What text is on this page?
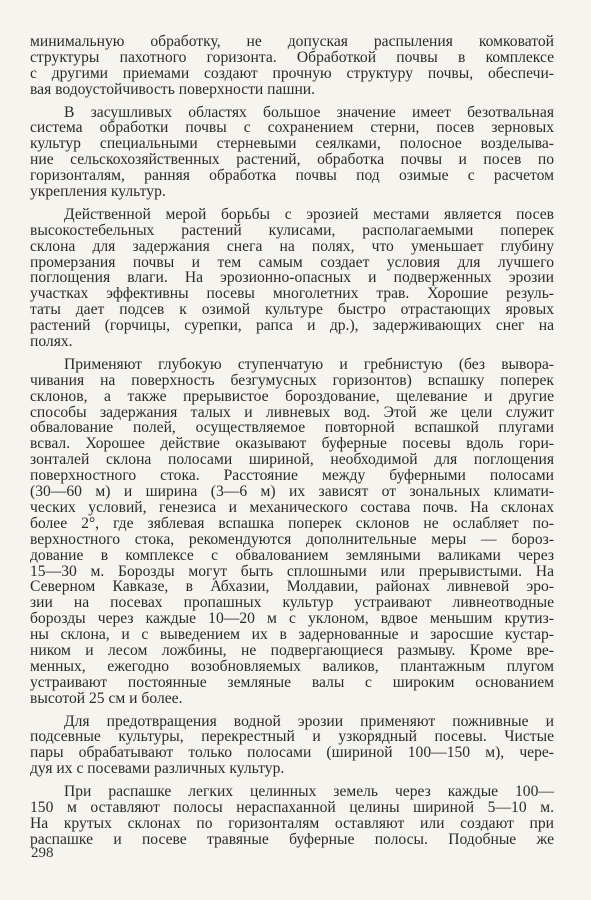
минимальную обработку, не допуская распыления комковатой
структуры пахотного горизонта. Обработкой почвы в комплексе
с другими приемами создают прочную структуру почвы, обеспечи-
вая водоустойчивость поверхности пашни.
В засушливых областях большое значение имеет безотвальная
система обработки почвы с сохранением стерни, посев зерновых
культур специальными стерневыми сеялками, полосное возделыва-
ние сельскохозяйственных растений, обработка почвы и посев по
горизонталям, ранняя обработка почвы под озимые с расчетом
укрепления культур.
Действенной мерой борьбы с эрозией местами является посев
высокостебельных растений кулисами, располагаемыми поперек
склона для задержания снега на полях, что уменьшает глубину
промерзания почвы и тем самым создает условия для лучшего
поглощения влаги. На эрозионно-опасных и подверженных эрозии
участках эффективны посевы многолетних трав. Хорошие резуль-
таты дает подсев к озимой культуре быстро отрастающих яровых
растений (горчицы, сурепки, рапса и др.), задерживающих снег на
полях.
Применяют глубокую ступенчатую и гребнистую (без вывора-
чивания на поверхность безгумусных горизонтов) вспашку поперек
склонов, а также прерывистое бороздование, щелевание и другие
способы задержания талых и ливневых вод. Этой же цели служит
обвалование полей, осуществляемое повторной вспашкой плугами
всвал. Хорошее действие оказывают буферные посевы вдоль гори-
зонталей склона полосами шириной, необходимой для поглощения
поверхностного стока. Расстояние между буферными полосами
(30—60 м) и ширина (3—6 м) их зависят от зональных климати-
ческих условий, генезиса и механического состава почв. На склонах
более 2°, где зяблевая вспашка поперек склонов не ослабляет по-
верхностного стока, рекомендуются дополнительные меры — бороз-
дование в комплексе с обвалованием земляными валиками через
15—30 м. Борозды могут быть сплошными или прерывистыми. На
Северном Кавказе, в Абхазии, Молдавии, районах ливневой эро-
зии на посевах пропашных культур устраивают ливнеотводные
борозды через каждые 10—20 м с уклоном, вдвое меньшим крутиз-
ны склона, и с выведением их в задернованные и заросшие кустар-
ником и лесом ложбины, не подвергающиеся размыву. Кроме вре-
менных, ежегодно возобновляемых валиков, плантажным плугом
устраивают постоянные земляные валы с широким основанием
высотой 25 см и более.
Для предотвращения водной эрозии применяют пожнивные и
подсевные культуры, перекрестный и узкорядный посевы. Чистые
пары обрабатывают только полосами (шириной 100—150 м), чере-
дуя их с посевами различных культур.
При распашке легких целинных земель через каждые 100—
150 м оставляют полосы нераспаханной целины шириной 5—10 м.
На крутых склонах по горизонталям оставляют или создают при
распашке и посеве травяные буферные полосы. Подобные же
298
